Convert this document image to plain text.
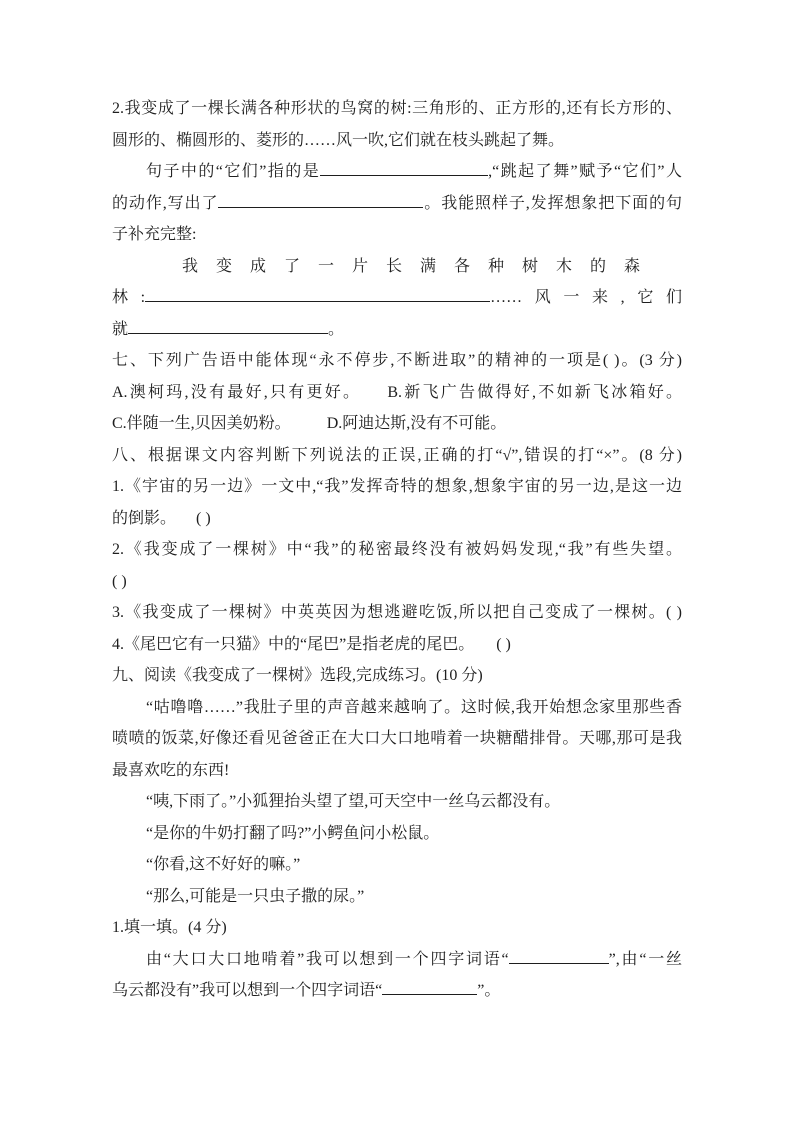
2.我变成了一棵长满各种形状的鸟窝的树:三角形的、正方形的,还有长方形的、
圆形的、椭圆形的、菱形的……风一吹,它们就在枝头跳起了舞。
句子中的“它们”指的是	,“跳起了舞”赋予“它们”人
的动作,写出了	。我能照样子,发挥想象把下面的句
子补充完整:
我变成了一片长满各种树木的森
林:	……风一来,它们
就	。
七、下列广告语中能体现“永不停步,不断进取”的精神的一项是( )。(3 分)
A.澳柯玛,没有最好,只有更好。 B.新飞广告做得好,不如新飞冰箱好。
C.伴随一生,贝因美奶粉。 D.阿迪达斯,没有不可能。
八、根据课文内容判断下列说法的正误,正确的打“√”,错误的打“×”。(8 分)
1.《宇宙的另一边》一文中,“我”发挥奇特的想象,想象宇宙的另一边,是这一边
的倒影。 ( )
2.《我变成了一棵树》中“我”的秘密最终没有被妈妈发现,“我”有些失望。
( )
3.《我变成了一棵树》中英英因为想逃避吃饭,所以把自己变成了一棵树。( )
4.《尾巴它有一只猫》中的“尾巴”是指老虎的尾巴。 ( )
九、阅读《我变成了一棵树》选段,完成练习。(10 分)
“咕噜噜……”我肚子里的声音越来越响了。这时候,我开始想念家里那些香
喷喷的饭菜,好像还看见爸爸正在大口大口地啃着一块糖醋排骨。天哪,那可是我
最喜欢吃的东西!
“咦,下雨了。”小狐狸抬头望了望,可天空中一丝乌云都没有。
“是你的牛奶打翻了吗?”小鳄鱼问小松鼠。
“你看,这不好好的嘛。”
“那么,可能是一只虫子撒的尿。”
1.填一填。(4 分)
由“大口大口地啃着”我可以想到一个四字词语“	”,由“一丝
乌云都没有”我可以想到一个四字词语“	”。
